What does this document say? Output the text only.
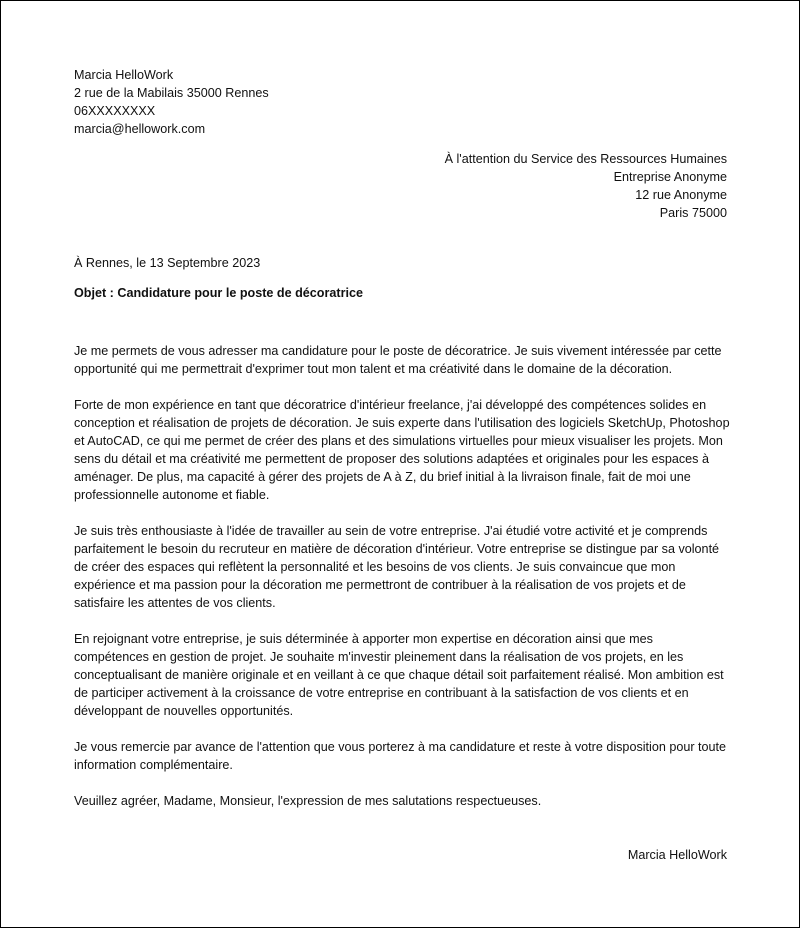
Marcia HelloWork
2 rue de la Mabilais 35000 Rennes
06XXXXXXXX
marcia@hellowork.com
À l'attention du Service des Ressources Humaines
Entreprise Anonyme
12 rue Anonyme
Paris 75000
À Rennes, le 13 Septembre 2023
Objet : Candidature pour le poste de décoratrice

Je me permets de vous adresser ma candidature pour le poste de décoratrice. Je suis vivement intéressée par cette opportunité qui me permettrait d'exprimer tout mon talent et ma créativité dans le domaine de la décoration.

Forte de mon expérience en tant que décoratrice d'intérieur freelance, j'ai développé des compétences solides en conception et réalisation de projets de décoration. Je suis experte dans l'utilisation des logiciels SketchUp, Photoshop et AutoCAD, ce qui me permet de créer des plans et des simulations virtuelles pour mieux visualiser les projets. Mon sens du détail et ma créativité me permettent de proposer des solutions adaptées et originales pour les espaces à aménager. De plus, ma capacité à gérer des projets de A à Z, du brief initial à la livraison finale, fait de moi une professionnelle autonome et fiable.

Je suis très enthousiaste à l'idée de travailler au sein de votre entreprise. J'ai étudié votre activité et je comprends parfaitement le besoin du recruteur en matière de décoration d'intérieur. Votre entreprise se distingue par sa volonté de créer des espaces qui reflètent la personnalité et les besoins de vos clients. Je suis convaincue que mon expérience et ma passion pour la décoration me permettront de contribuer à la réalisation de vos projets et de satisfaire les attentes de vos clients.

En rejoignant votre entreprise, je suis déterminée à apporter mon expertise en décoration ainsi que mes compétences en gestion de projet. Je souhaite m'investir pleinement dans la réalisation de vos projets, en les conceptualisant de manière originale et en veillant à ce que chaque détail soit parfaitement réalisé. Mon ambition est de participer activement à la croissance de votre entreprise en contribuant à la satisfaction de vos clients et en développant de nouvelles opportunités.

Je vous remercie par avance de l'attention que vous porterez à ma candidature et reste à votre disposition pour toute information complémentaire.

Veuillez agréer, Madame, Monsieur, l'expression de mes salutations respectueuses.

Marcia HelloWork
